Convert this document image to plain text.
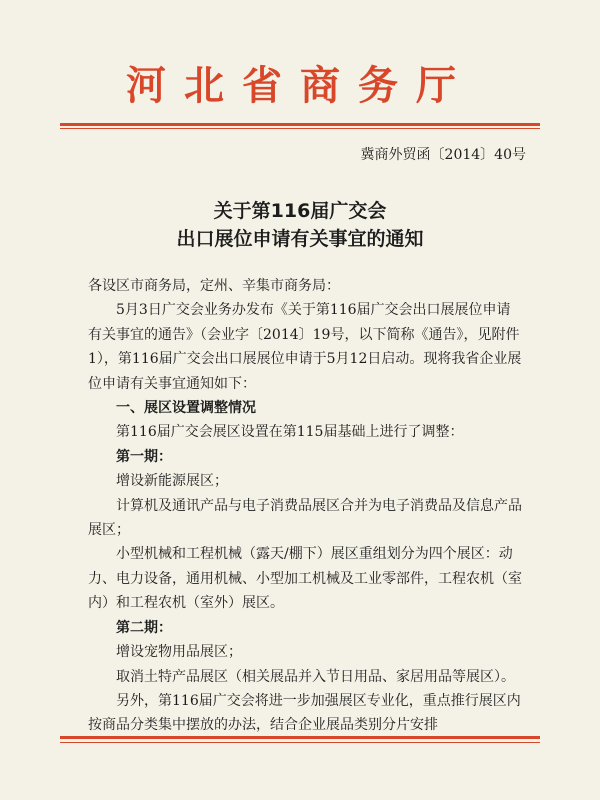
河北省商务厅
冀商外贸函〔2014〕40号
关于第116届广交会
出口展位申请有关事宜的通知

各设区市商务局，定州、辛集市商务局：

5月3日广交会业务办发布《关于第116届广交会出口展展位申请有关事宜的通告》（会业字〔2014〕19号，以下简称《通告》，见附件1），第116届广交会出口展展位申请于5月12日启动。现将我省企业展位申请有关事宜通知如下：

一、展区设置调整情况

第116届广交会展区设置在第115届基础上进行了调整：

第一期：

增设新能源展区；

计算机及通讯产品与电子消费品展区合并为电子消费品及信息产品展区；

小型机械和工程机械（露天/棚下）展区重组划分为四个展区：动力、电力设备，通用机械、小型加工机械及工业零部件，工程农机（室内）和工程农机（室外）展区。

第二期：

增设宠物用品展区；

取消土特产品展区（相关展品并入节日用品、家居用品等展区）。

另外，第116届广交会将进一步加强展区专业化，重点推行展区内按商品分类集中摆放的办法，结合企业展品类别分片安排
